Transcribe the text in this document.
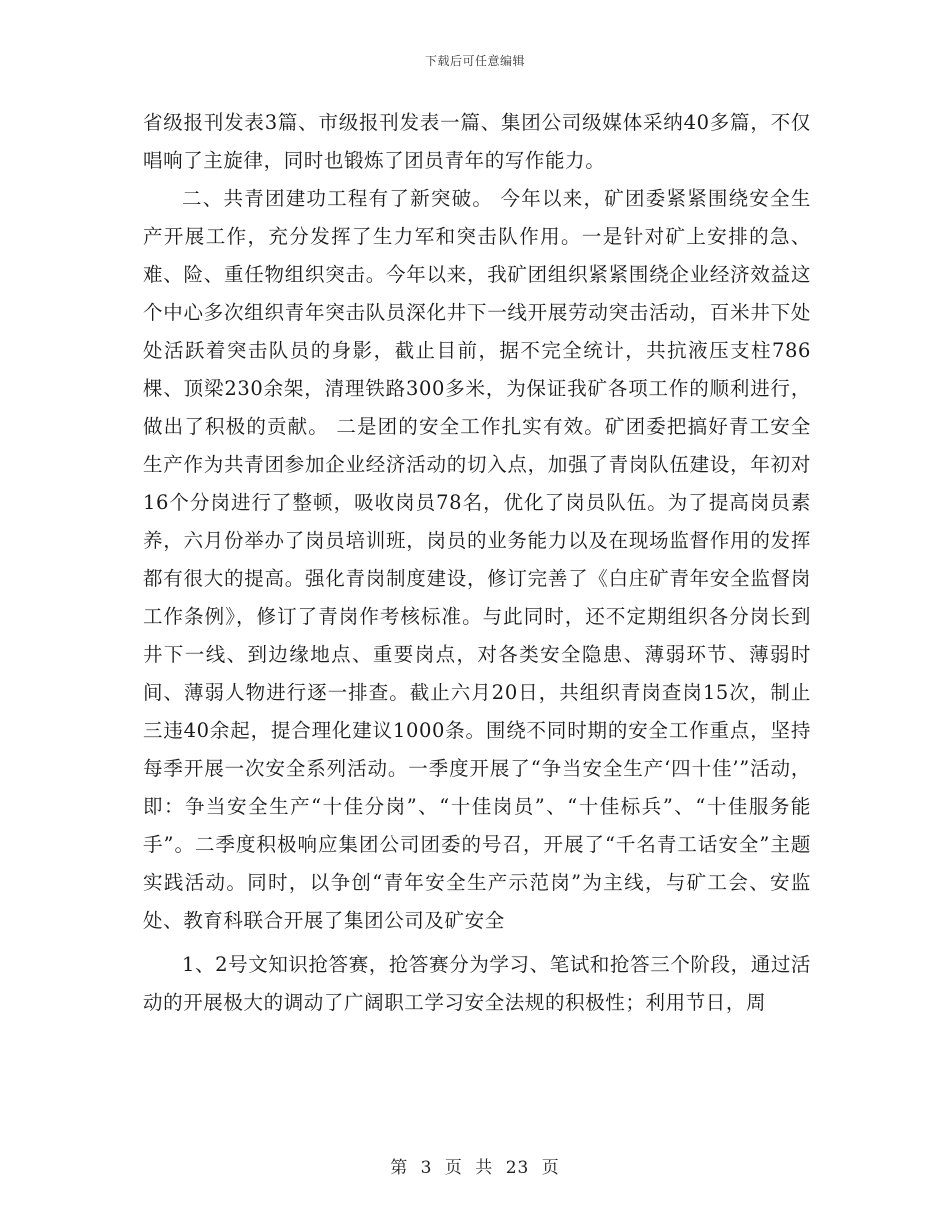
下载后可任意编辑

省级报刊发表3篇、市级报刊发表一篇、集团公司级媒体采纳40多篇，不仅唱响了主旋律，同时也锻炼了团员青年的写作能力。

二、共青团建功工程有了新突破。 今年以来，矿团委紧紧围绕安全生产开展工作，充分发挥了生力军和突击队作用。一是针对矿上安排的急、难、险、重任物组织突击。今年以来，我矿团组织紧紧围绕企业经济效益这个中心多次组织青年突击队员深化井下一线开展劳动突击活动，百米井下处处活跃着突击队员的身影，截止目前，据不完全统计，共抗液压支柱786棵、顶梁230余架，清理铁路300多米，为保证我矿各项工作的顺利进行，做出了积极的贡献。 二是团的安全工作扎实有效。矿团委把搞好青工安全生产作为共青团参加企业经济活动的切入点，加强了青岗队伍建设，年初对16个分岗进行了整顿，吸收岗员78名，优化了岗员队伍。为了提高岗员素养，六月份举办了岗员培训班，岗员的业务能力以及在现场监督作用的发挥都有很大的提高。强化青岗制度建设，修订完善了《白庄矿青年安全监督岗工作条例》，修订了青岗作考核标准。与此同时，还不定期组织各分岗长到井下一线、到边缘地点、重要岗点，对各类安全隐患、薄弱环节、薄弱时间、薄弱人物进行逐一排查。截止六月20日，共组织青岗查岗15次，制止三违40余起，提合理化建议1000条。围绕不同时期的安全工作重点，坚持每季开展一次安全系列活动。一季度开展了“争当安全生产‘四十佳’”活动，即：争当安全生产“十佳分岗”、“十佳岗员”、“十佳标兵”、“十佳服务能手”。二季度积极响应集团公司团委的号召，开展了“千名青工话安全”主题实践活动。同时，以争创“青年安全生产示范岗”为主线，与矿工会、安监处、教育科联合开展了集团公司及矿安全

1、2号文知识抢答赛，抢答赛分为学习、笔试和抢答三个阶段，通过活动的开展极大的调动了广阔职工学习安全法规的积极性；利用节日，周

第 3 页 共 23 页
